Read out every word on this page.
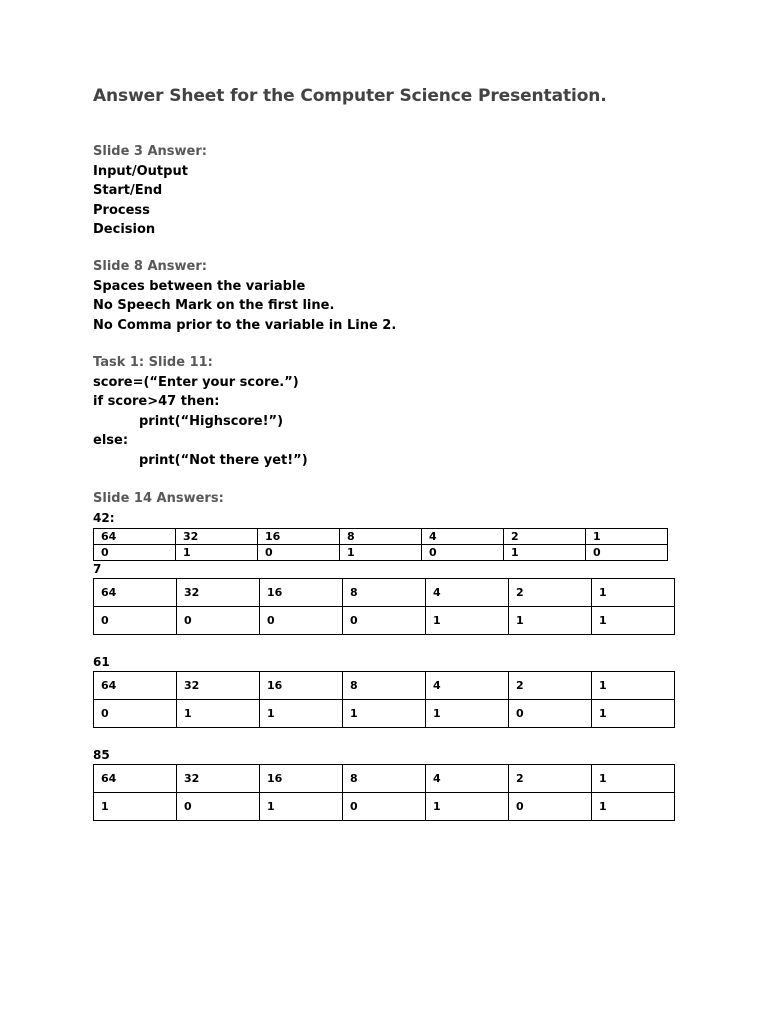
Answer Sheet for the Computer Science Presentation.
Slide 3 Answer:
Input/Output
Start/End
Process
Decision
Slide 8 Answer:
Spaces between the variable
No Speech Mark on the first line.
No Comma prior to the variable in Line 2.
Task 1: Slide 11:
score=(“Enter your score.”)
if score>47 then:
print(“Highscore!”)
else:
print(“Not there yet!”)
Slide 14 Answers:
42:
64	32	16	8	4	2	1
0	1	0	1	0	1	0
7
64	32	16	8	4	2	1
0	0	0	0	1	1	1
61
64	32	16	8	4	2	1
0	1	1	1	1	0	1
85
64	32	16	8	4	2	1
1	0	1	0	1	0	1
